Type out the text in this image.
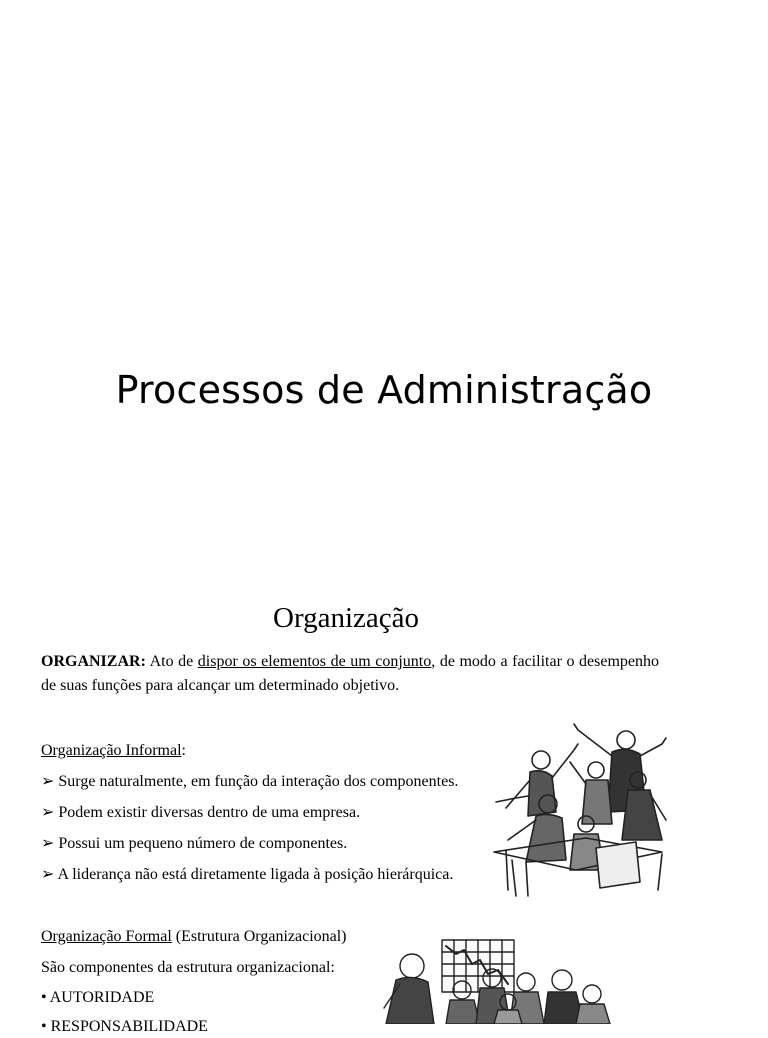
Processos de Administração
Organização
ORGANIZAR: Ato de dispor os elementos de um conjunto, de modo a facilitar o desempenho de suas funções para alcançar um determinado objetivo.
Organização Informal:
➢ Surge naturalmente, em função da interação dos componentes.
➢ Podem existir diversas dentro de uma empresa.
➢ Possui um pequeno número de componentes.
➢ A liderança não está diretamente ligada à posição hierárquica.
Organização Formal (Estrutura Organizacional)
São componentes da estrutura organizacional:
• AUTORIDADE
• RESPONSABILIDADE
